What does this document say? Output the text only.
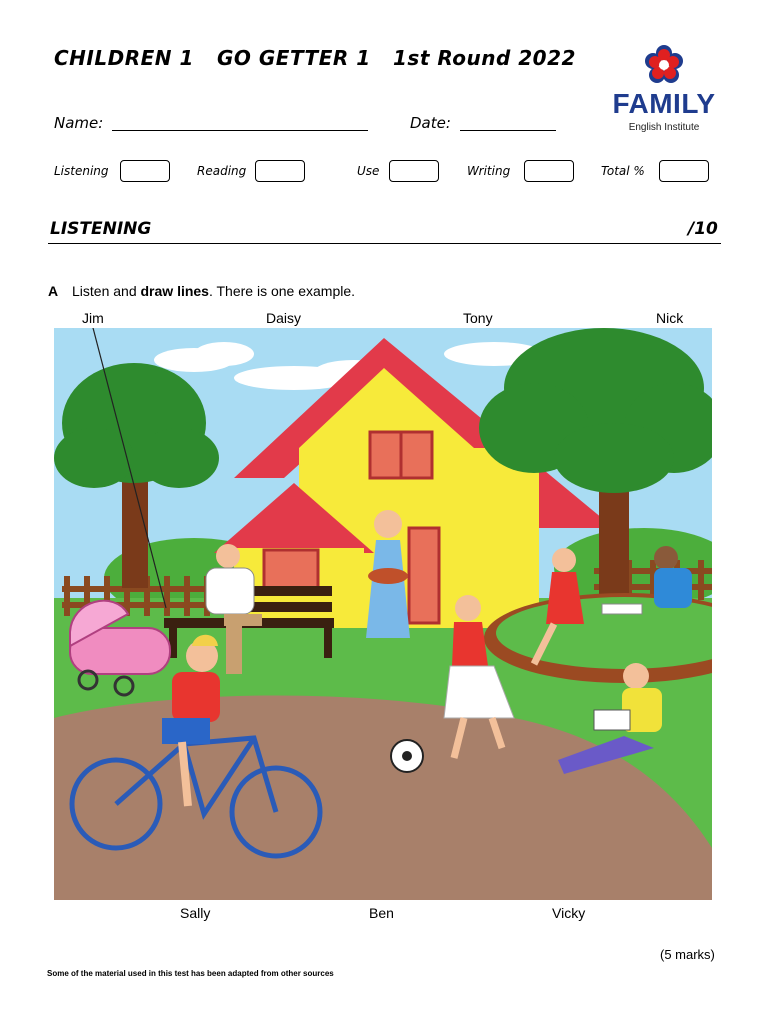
CHILDREN 1 GO GETTER 1 1st Round 2022
FAMILY
English Institute
Name:	Date:
Listening	Reading	Use	Writing	Total %
LISTENING	/10
A Listen and draw lines. There is one example.
Jim	Daisy	Tony	Nick
Sally	Ben	Vicky
(5 marks)
Some of the material used in this test has been adapted from other sources
